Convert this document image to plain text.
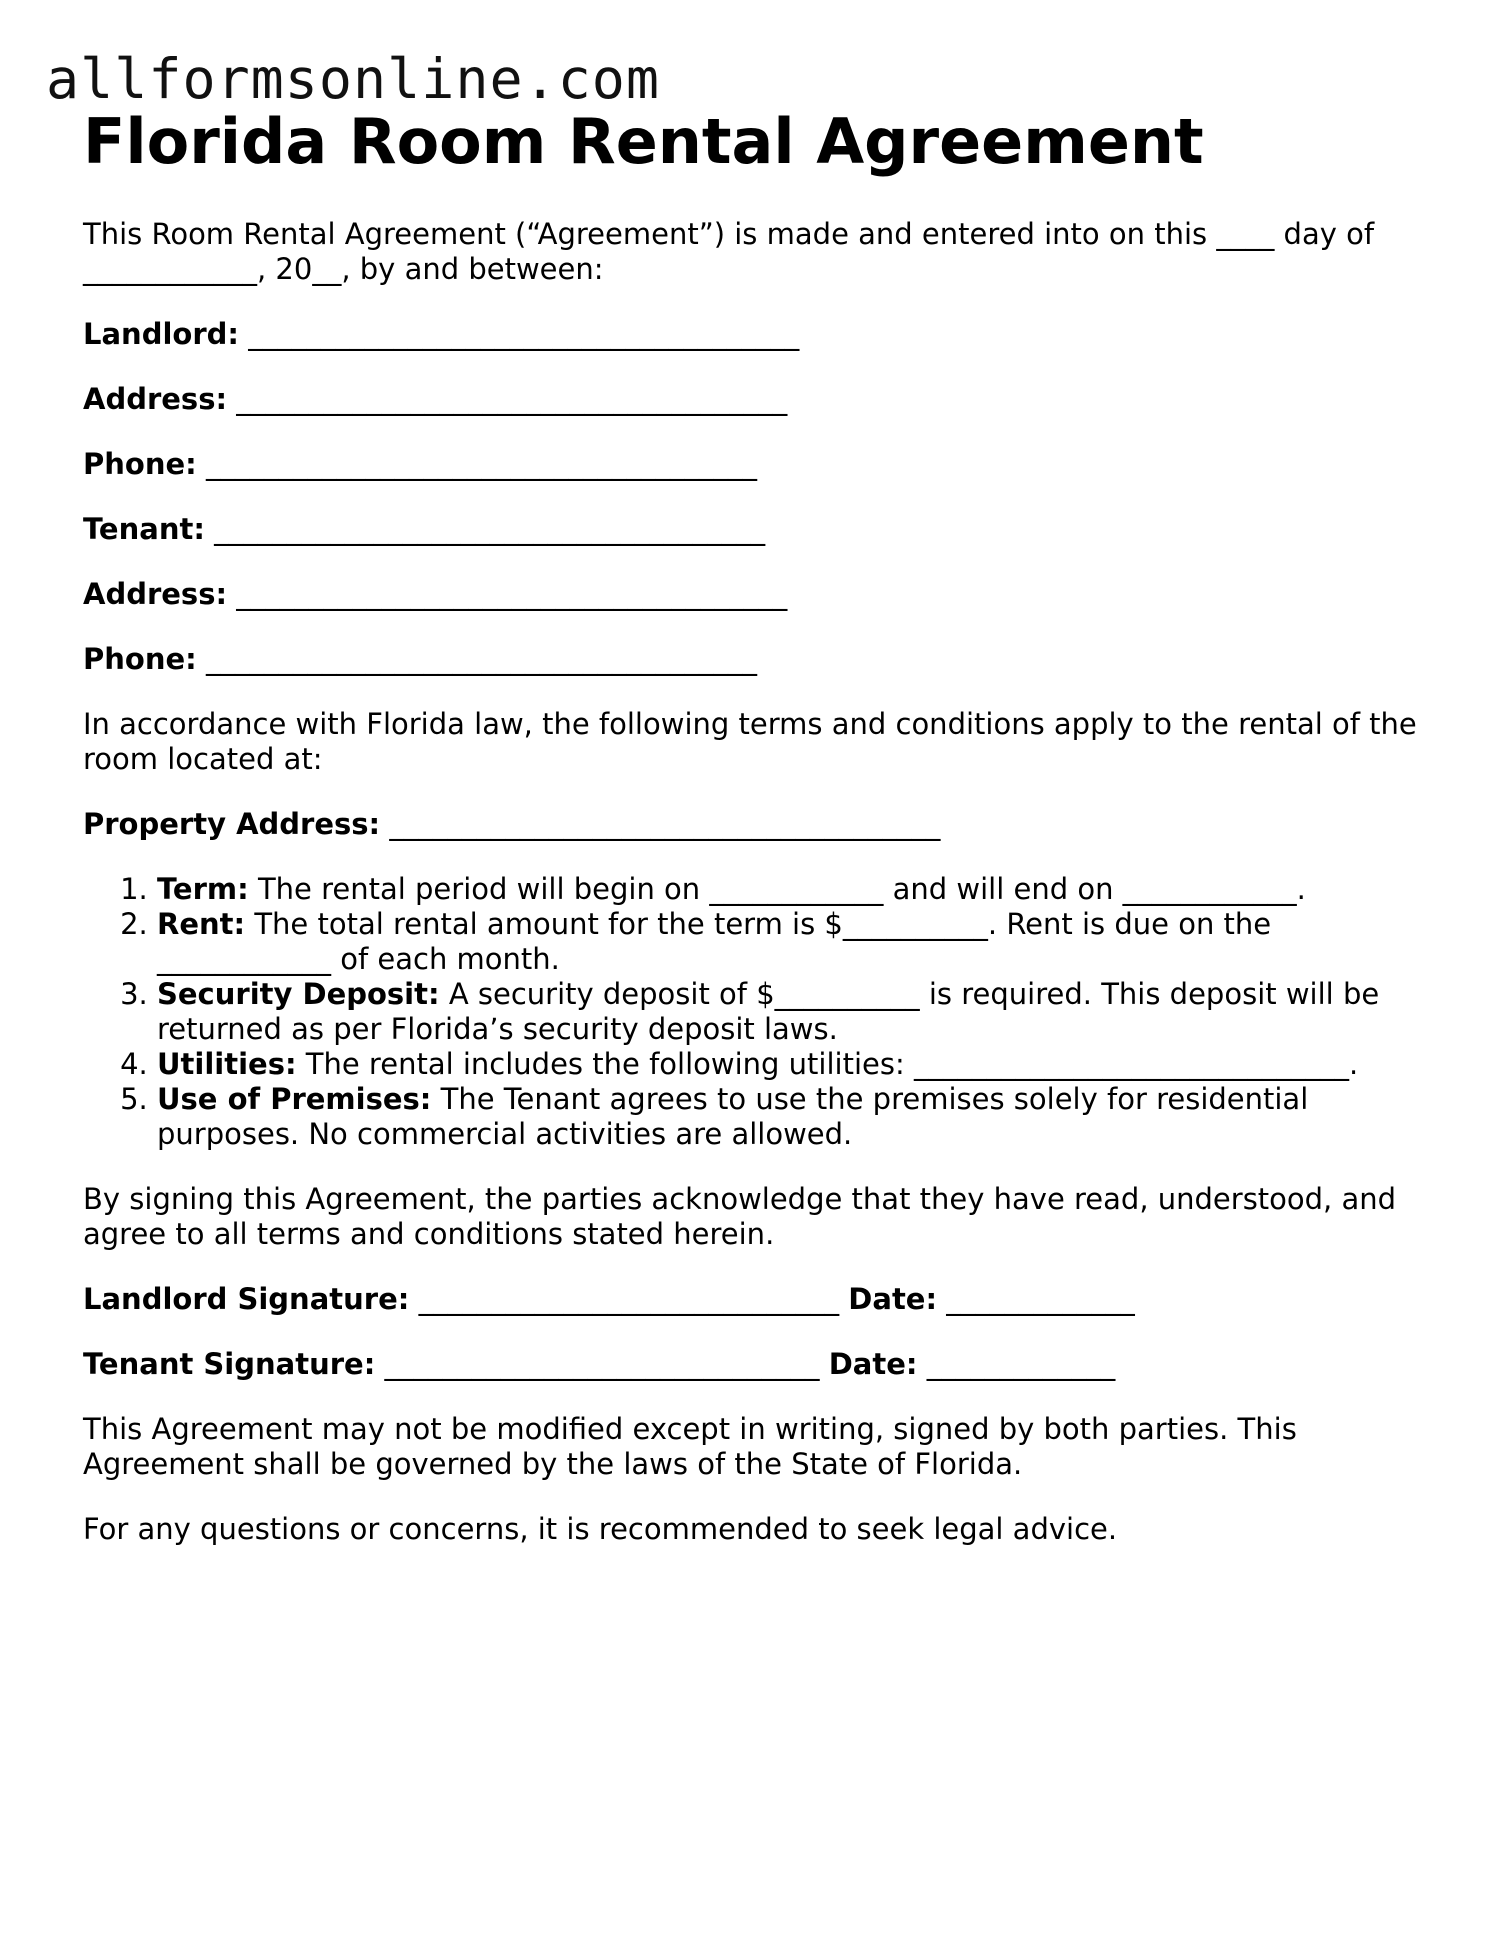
allformsonline.com
Florida Room Rental Agreement

This Room Rental Agreement (“Agreement”) is made and entered into on this ____ day of ____________, 20__, by and between:

Landlord: ______________________________________

Address: ______________________________________

Phone: ______________________________________

Tenant: ______________________________________

Address: ______________________________________

Phone: ______________________________________

In accordance with Florida law, the following terms and conditions apply to the rental of the room located at:

Property Address: ______________________________________

1. Term: The rental period will begin on ____________ and will end on ____________.
2. Rent: The total rental amount for the term is $__________. Rent is due on the ____________ of each month.
3. Security Deposit: A security deposit of $__________ is required. This deposit will be returned as per Florida’s security deposit laws.
4. Utilities: The rental includes the following utilities: ______________________________.
5. Use of Premises: The Tenant agrees to use the premises solely for residential purposes. No commercial activities are allowed.

By signing this Agreement, the parties acknowledge that they have read, understood, and agree to all terms and conditions stated herein.

Landlord Signature: _____________________________ Date: _____________

Tenant Signature: ______________________________ Date: _____________

This Agreement may not be modified except in writing, signed by both parties. This Agreement shall be governed by the laws of the State of Florida.

For any questions or concerns, it is recommended to seek legal advice.
